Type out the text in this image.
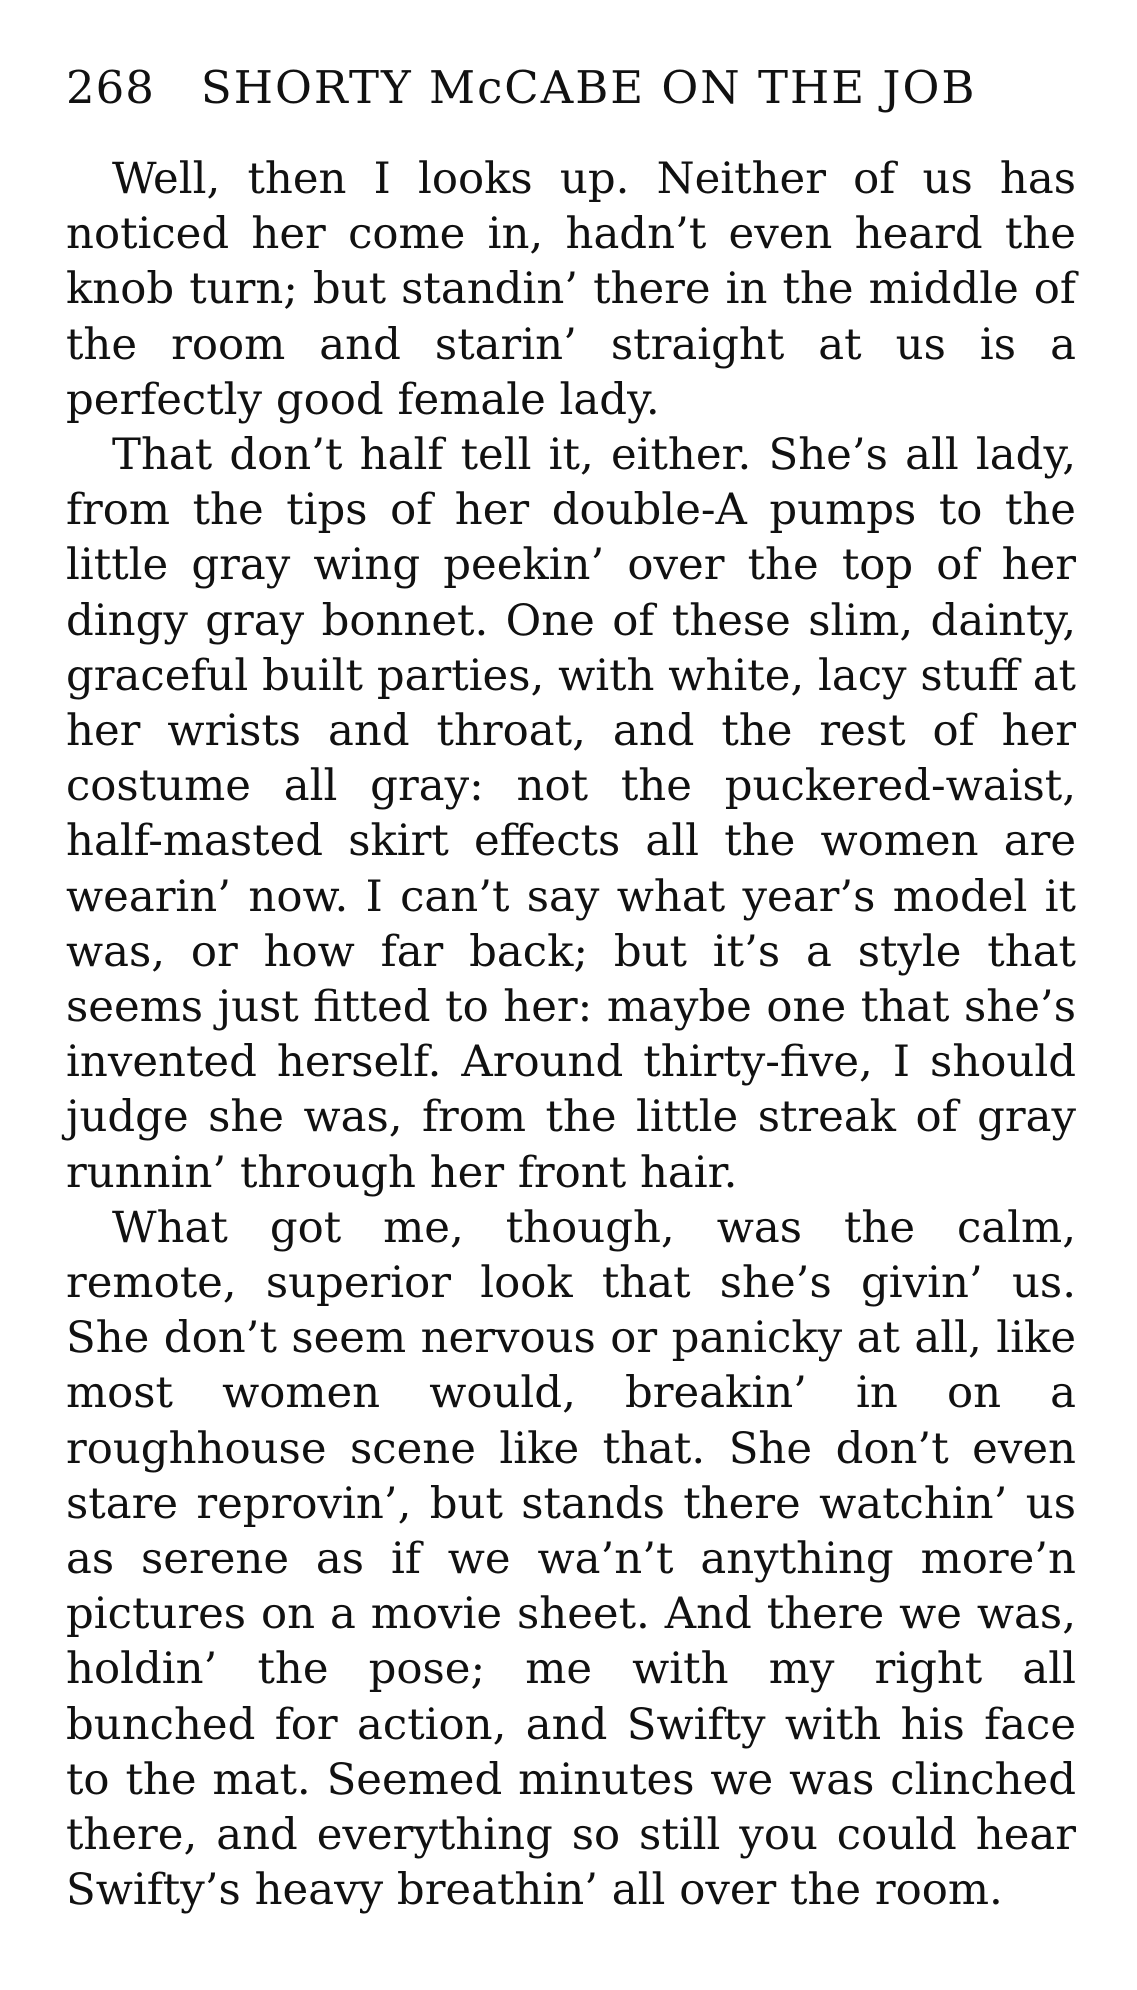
268 SHORTY McCABE ON THE JOB

Well, then I looks up. Neither of us has noticed her come in, hadn’t even heard the knob turn; but standin’ there in the middle of the room and starin’ straight at us is a perfectly good female lady.

That don’t half tell it, either. She’s all lady, from the tips of her double-A pumps to the little gray wing peekin’ over the top of her dingy gray bonnet. One of these slim, dainty, graceful built parties, with white, lacy stuff at her wrists and throat, and the rest of her costume all gray: not the puckered-waist, half-masted skirt effects all the women are wearin’ now. I can’t say what year’s model it was, or how far back; but it’s a style that seems just fitted to her: maybe one that she’s invented herself. Around thirty-five, I should judge she was, from the little streak of gray runnin’ through her front hair.

What got me, though, was the calm, remote, superior look that she’s givin’ us. She don’t seem nervous or panicky at all, like most women would, breakin’ in on a roughhouse scene like that. She don’t even stare reprovin’, but stands there watchin’ us as serene as if we wa’n’t anything more’n pictures on a movie sheet. And there we was, holdin’ the pose; me with my right all bunched for action, and Swifty with his face to the mat. Seemed minutes we was clinched there, and everything so still you could hear Swifty’s heavy breathin’ all over the room.
